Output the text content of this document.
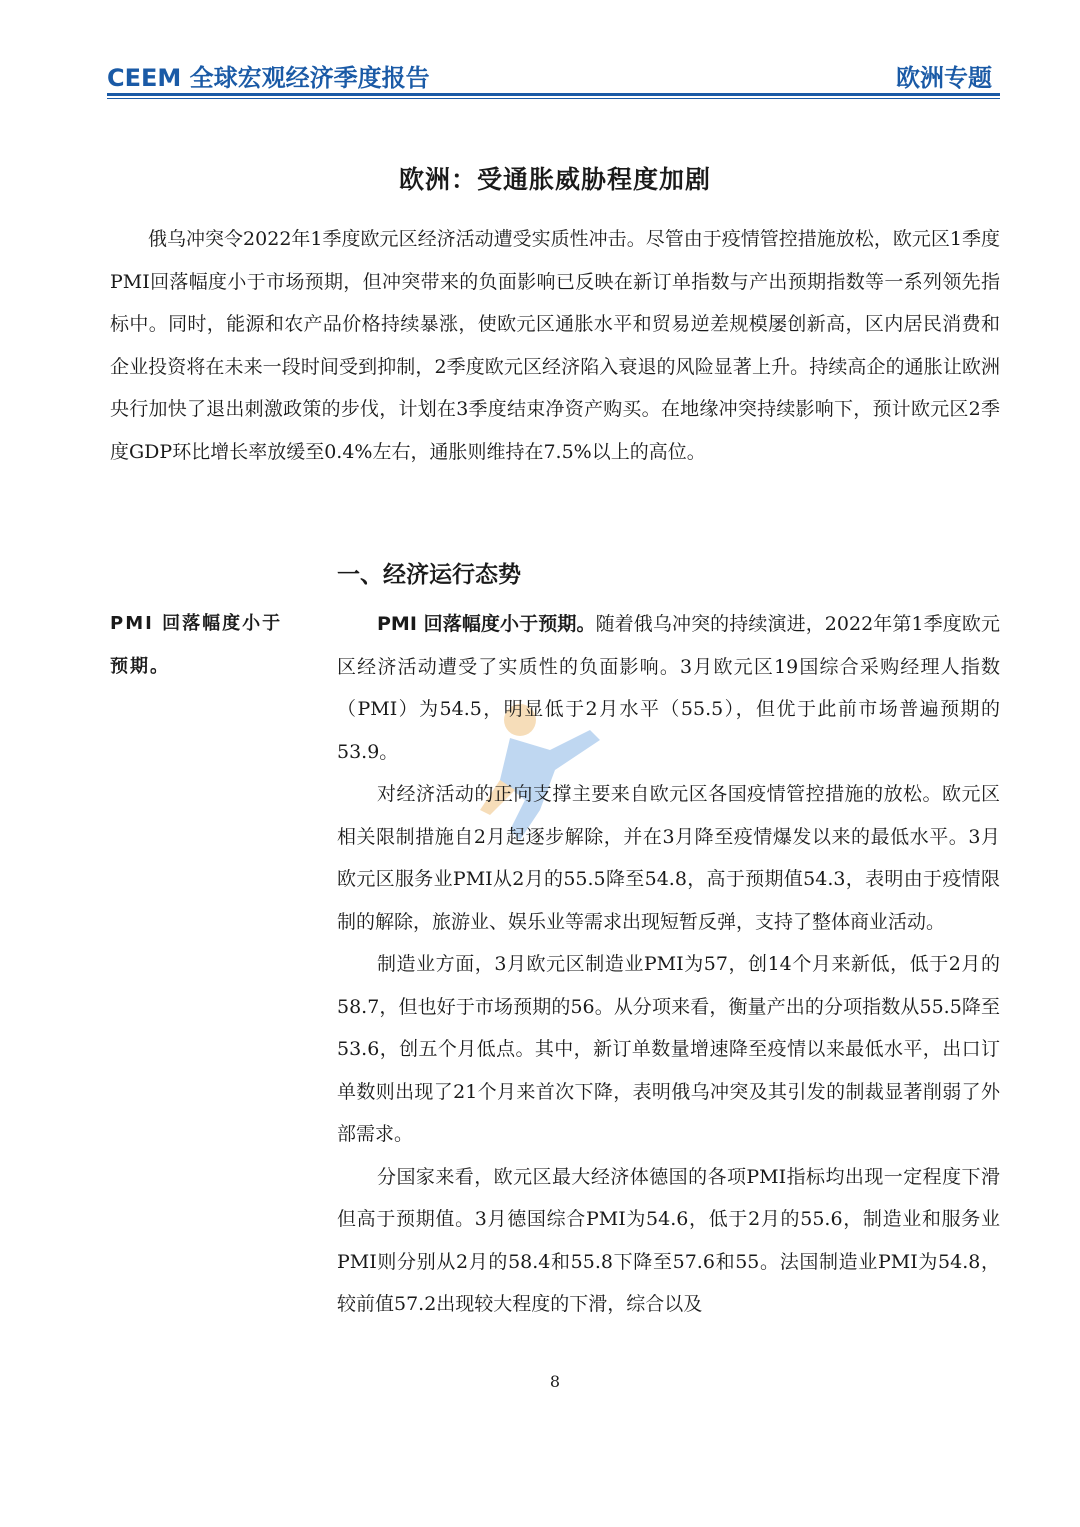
CEEM 全球宏观经济季度报告	欧洲专题
欧洲：受通胀威胁程度加剧

俄乌冲突令2022年1季度欧元区经济活动遭受实质性冲击。尽管由于疫情管控措施放松，欧元区1季度PMI回落幅度小于市场预期，但冲突带来的负面影响已反映在新订单指数与产出预期指数等一系列领先指标中。同时，能源和农产品价格持续暴涨，使欧元区通胀水平和贸易逆差规模屡创新高，区内居民消费和企业投资将在未来一段时间受到抑制，2季度欧元区经济陷入衰退的风险显著上升。持续高企的通胀让欧洲央行加快了退出刺激政策的步伐，计划在3季度结束净资产购买。在地缘冲突持续影响下，预计欧元区2季度GDP环比增长率放缓至0.4%左右，通胀则维持在7.5%以上的高位。

一、经济运行态势

PMI 回落幅度小于预期。

PMI 回落幅度小于预期。随着俄乌冲突的持续演进，2022年第1季度欧元区经济活动遭受了实质性的负面影响。3月欧元区19国综合采购经理人指数（PMI）为54.5，明显低于2月水平（55.5），但优于此前市场普遍预期的53.9。

对经济活动的正向支撑主要来自欧元区各国疫情管控措施的放松。欧元区相关限制措施自2月起逐步解除，并在3月降至疫情爆发以来的最低水平。3月欧元区服务业PMI从2月的55.5降至54.8，高于预期值54.3，表明由于疫情限制的解除，旅游业、娱乐业等需求出现短暂反弹，支持了整体商业活动。

制造业方面，3月欧元区制造业PMI为57，创14个月来新低，低于2月的58.7，但也好于市场预期的56。从分项来看，衡量产出的分项指数从55.5降至53.6，创五个月低点。其中，新订单数量增速降至疫情以来最低水平，出口订单数则出现了21个月来首次下降，表明俄乌冲突及其引发的制裁显著削弱了外部需求。

分国家来看，欧元区最大经济体德国的各项PMI指标均出现一定程度下滑但高于预期值。3月德国综合PMI为54.6，低于2月的55.6，制造业和服务业PMI则分别从2月的58.4和55.8下降至57.6和55。法国制造业PMI为54.8，较前值57.2出现较大程度的下滑，综合以及

8
